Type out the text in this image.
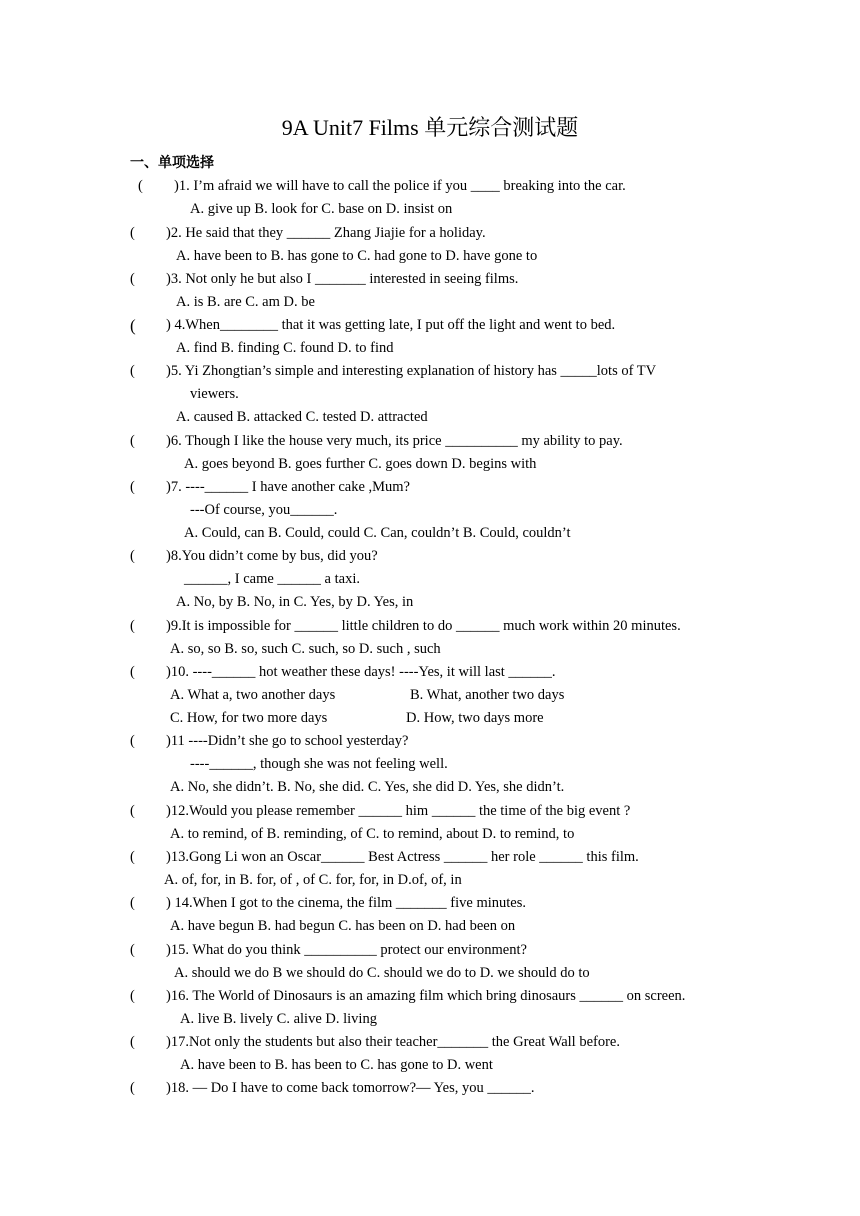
9A Unit7 Films 单元综合测试题
一、单项选择
( )1. I’m afraid we will have to call the police if you ____ breaking into the car.
A. give up B. look for C. base on D. insist on
( )2. He said that they ______ Zhang Jiajie for a holiday.
A. have been to B. has gone to C. had gone to D. have gone to
( )3. Not only he but also I _______ interested in seeing films.
A. is B. are C. am D. be
( ) 4.When________ that it was getting late, I put off the light and went to bed.
A. find B. finding C. found D. to find
( )5. Yi Zhongtian’s simple and interesting explanation of history has _____lots of TV
viewers.
A. caused B. attacked C. tested D. attracted
( )6. Though I like the house very much, its price __________ my ability to pay.
A. goes beyond B. goes further C. goes down D. begins with
( )7. ----______ I have another cake ,Mum?
---Of course, you______.
A. Could, can B. Could, could C. Can, couldn’t B. Could, couldn’t
( )8.You didn’t come by bus, did you?
______, I came ______ a taxi.
A. No, by B. No, in C. Yes, by D. Yes, in
( )9.It is impossible for ______ little children to do ______ much work within 20 minutes.
A. so, so B. so, such C. such, so D. such , such
( )10. ----______ hot weather these days! ----Yes, it will last ______.
A. What a, two another days	B. What, another two days
C. How, for two more days	D. How, two days more
( )11 ----Didn’t she go to school yesterday?
----______, though she was not feeling well.
A. No, she didn’t. B. No, she did. C. Yes, she did D. Yes, she didn’t.
( )12.Would you please remember ______ him ______ the time of the big event ?
A. to remind, of B. reminding, of C. to remind, about D. to remind, to
( )13.Gong Li won an Oscar______ Best Actress ______ her role ______ this film.
A. of, for, in B. for, of , of C. for, for, in D.of, of, in
( ) 14.When I got to the cinema, the film _______ five minutes.
A. have begun B. had begun C. has been on D. had been on
( )15. What do you think __________ protect our environment?
A. should we do B we should do C. should we do to D. we should do to
( )16. The World of Dinosaurs is an amazing film which bring dinosaurs ______ on screen.
A. live B. lively C. alive D. living
( )17.Not only the students but also their teacher_______ the Great Wall before.
A. have been to B. has been to C. has gone to D. went
( )18. — Do I have to come back tomorrow?— Yes, you ______.
